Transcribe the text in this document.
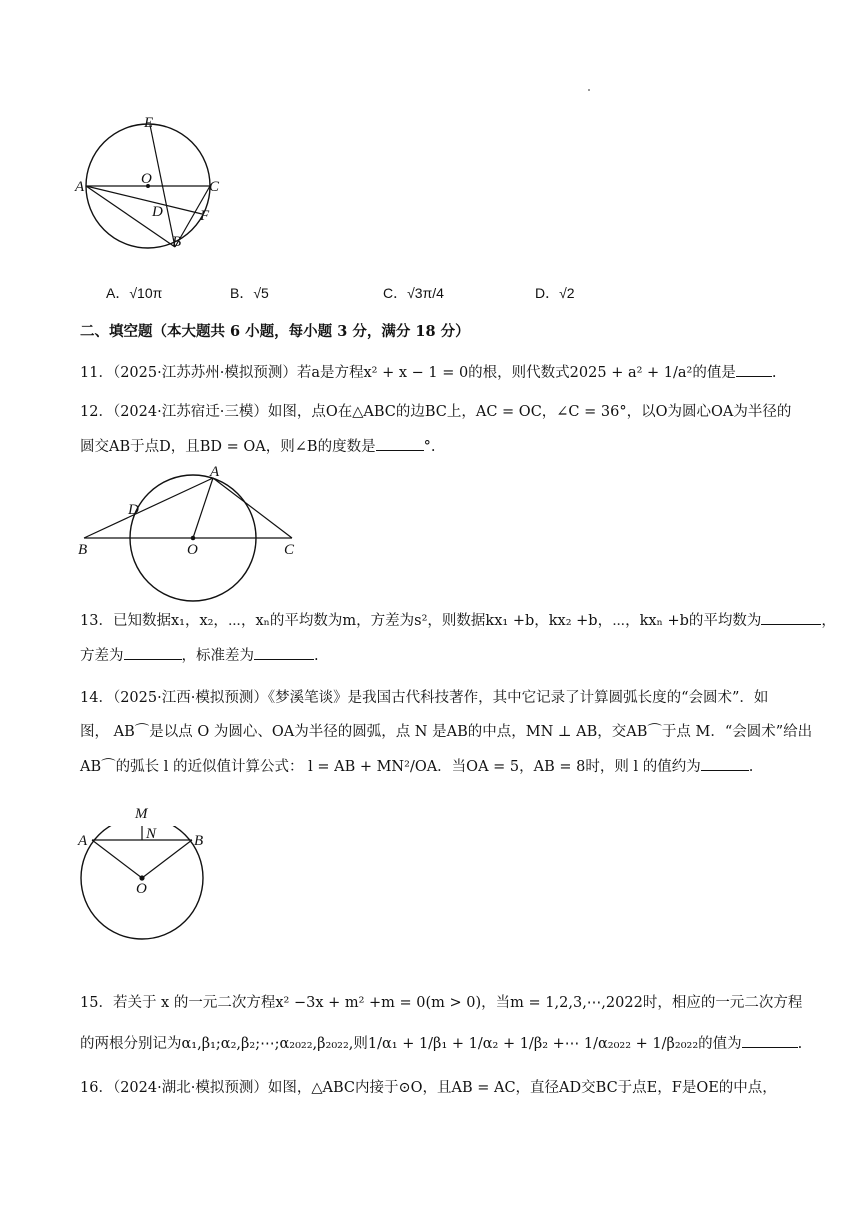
E
O
A	C
D F
B
A．√10π	B．√5	C．√3π/4	D．√2
二、填空题（本大题共 6 小题，每小题 3 分，满分 18 分）
11．（2025·江苏苏州·模拟预测）若a是方程x² + x − 1 = 0的根，则代数式2025 + a² + 1/a²的值是 .
12．（2024·江苏宿迁·三模）如图，点O在△ABC的边BC上，AC = OC，∠C = 36°，以O为圆心OA为半径的
圆交AB于点D，且BD = OA，则∠B的度数是	°.
A
D
B	O	C
13．已知数据x₁，x₂，⋯，xₙ的平均数为m，方差为s²，则数据kx₁ +b，kx₂ +b，⋯，kxₙ +b的平均数为	，
方差为	，标准差为	.
14．（2025·江西·模拟预测）《梦溪笔谈》是我国古代科技著作，其中它记录了计算圆弧长度的“会圆术”．如
图， AB⌒是以点 O 为圆心、OA为半径的圆弧，点 N 是AB的中点，MN ⊥ AB，交AB⌒于点 M．“会圆术”给出
AB⌒的弧长 l 的近似值计算公式： l = AB + MN²/OA．当OA = 5，AB = 8时，则 l 的值约为	.
A	B
N
O
M
15．若关于 x 的一元二次方程x² −3x + m² +m = 0(m > 0)，当m = 1,2,3,⋯,2022时，相应的一元二次方程
的两根分别记为α₁,β₁;α₂,β₂;⋯;α₂₀₂₂,β₂₀₂₂,则1/α₁ + 1/β₁ + 1/α₂ + 1/β₂ +⋯ 1/α₂₀₂₂ + 1/β₂₀₂₂的值为	.
16．（2024·湖北·模拟预测）如图，△ABC内接于⊙O，且AB = AC，直径AD交BC于点E，F是OE的中点，
